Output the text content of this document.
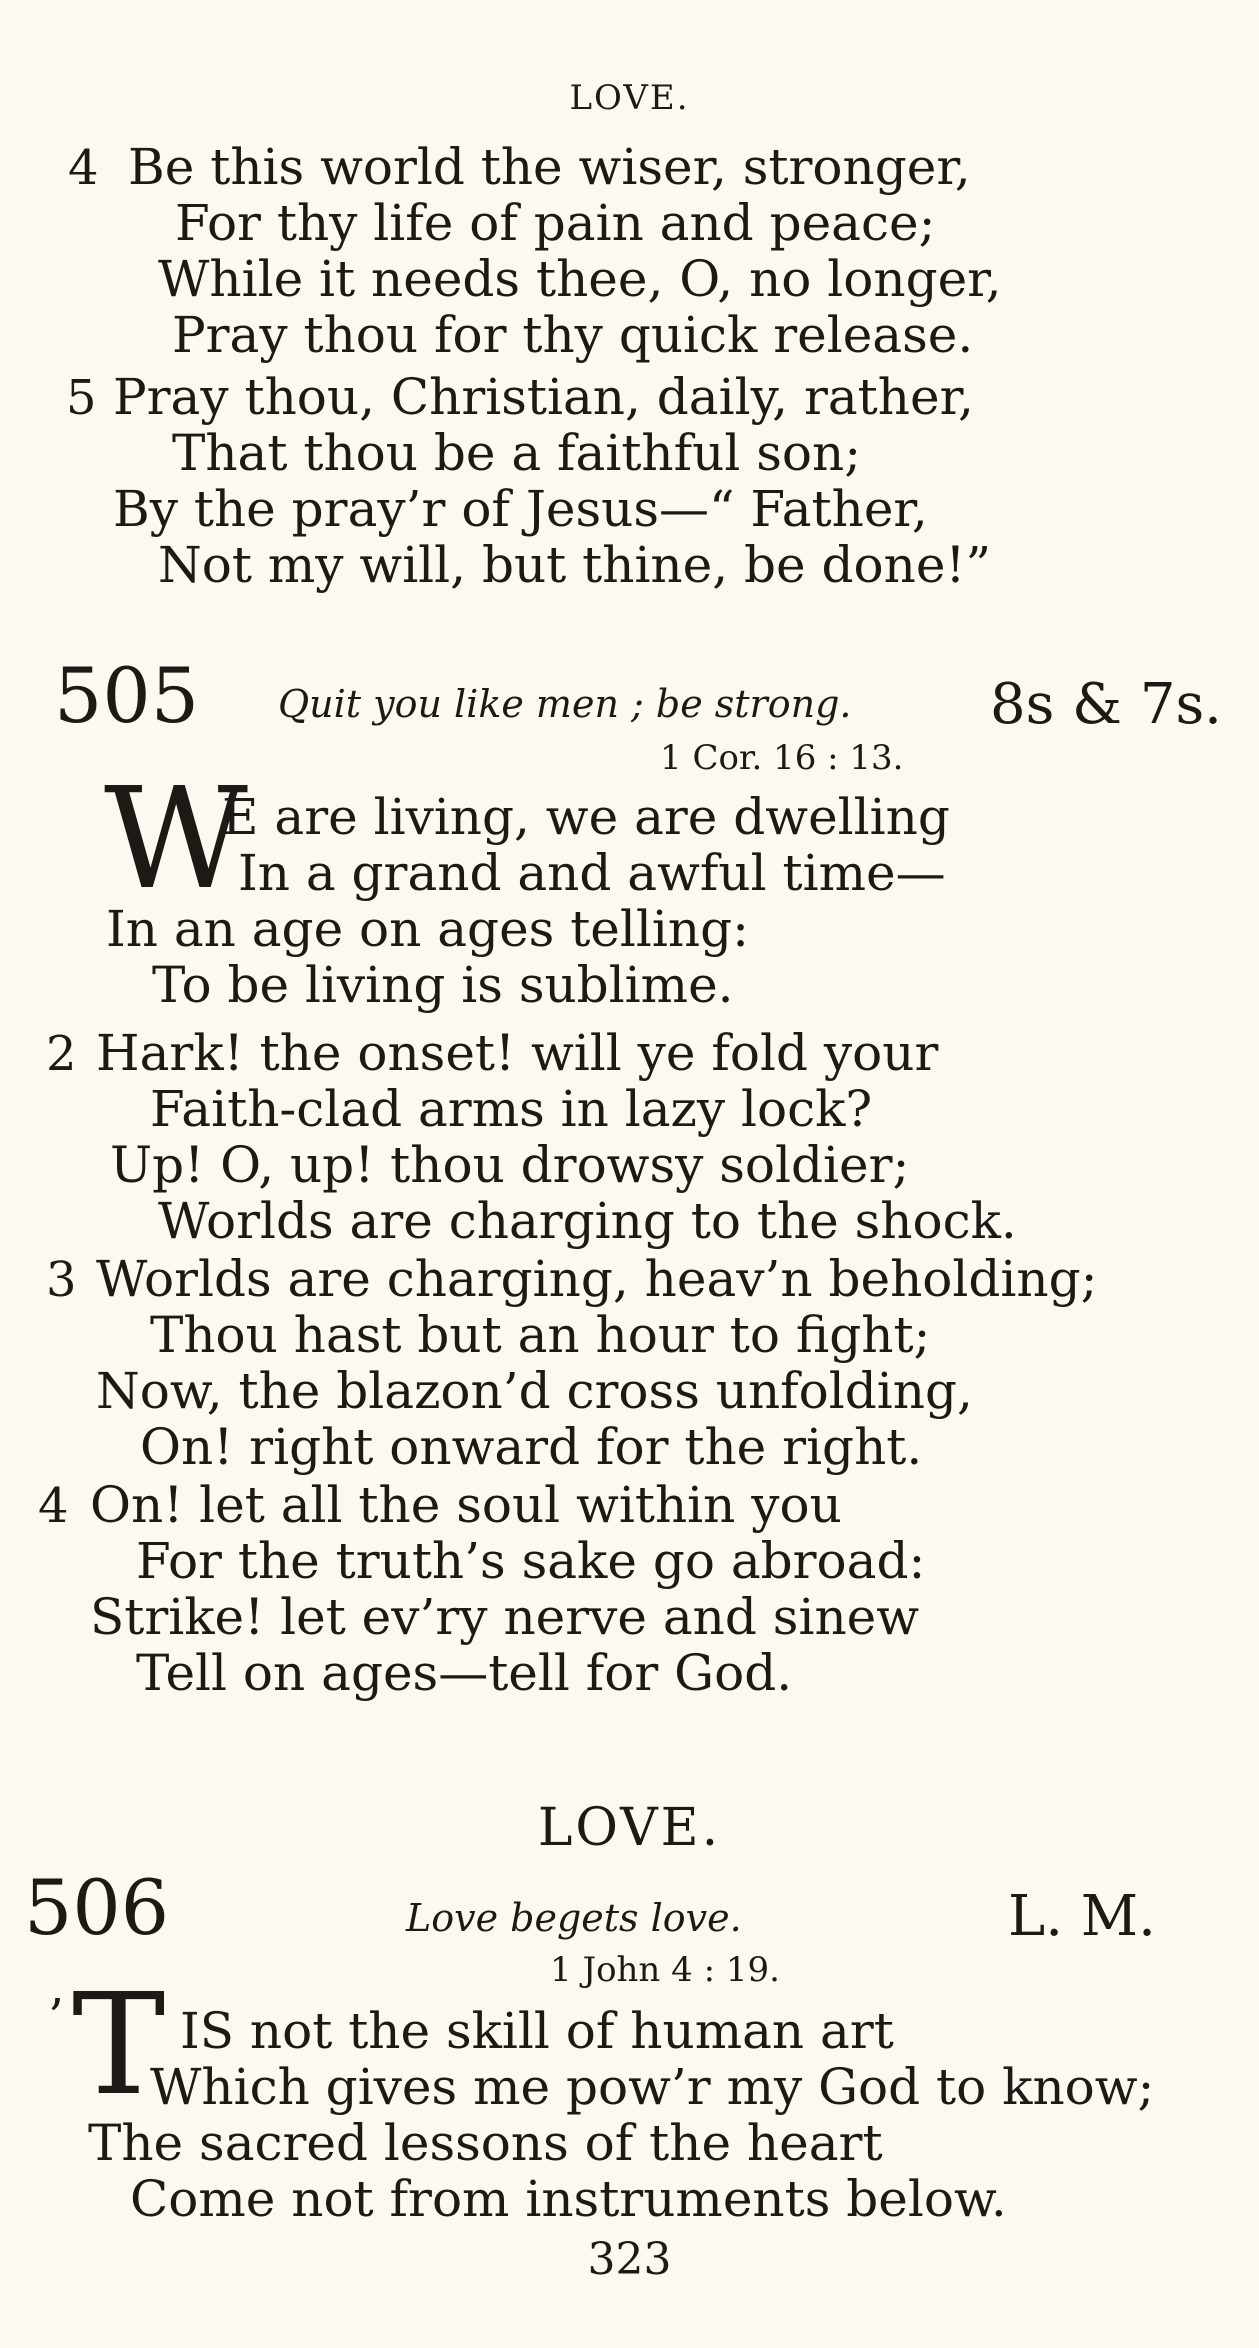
LOVE.
4 Be this world the wiser, stronger,
For thy life of pain and peace;
While it needs thee, O, no longer,
Pray thou for thy quick release.
5 Pray thou, Christian, daily, rather,
That thou be a faithful son;
By the pray’r of Jesus—“ Father,
Not my will, but thine, be done!”
505 Quit you like men ; be strong. 8s & 7s.
1 Cor. 16 : 13.
W
E are living, we are dwelling
In a grand and awful time—
In an age on ages telling:
To be living is sublime.
2 Hark! the onset! will ye fold your
Faith-clad arms in lazy lock?
Up! O, up! thou drowsy soldier;
Worlds are charging to the shock.
3 Worlds are charging, heav’n beholding;
Thou hast but an hour to fight;
Now, the blazon’d cross unfolding,
On! right onward for the right.
4 On! let all the soul within you
For the truth’s sake go abroad:
Strike! let ev’ry nerve and sinew
Tell on ages—tell for God.
LOVE.
506	Love begets love.	L. M.
1 John 4 : 19.
’ T IS not the skill of human art
Which gives me pow’r my God to know;
The sacred lessons of the heart
Come not from instruments below.
323
